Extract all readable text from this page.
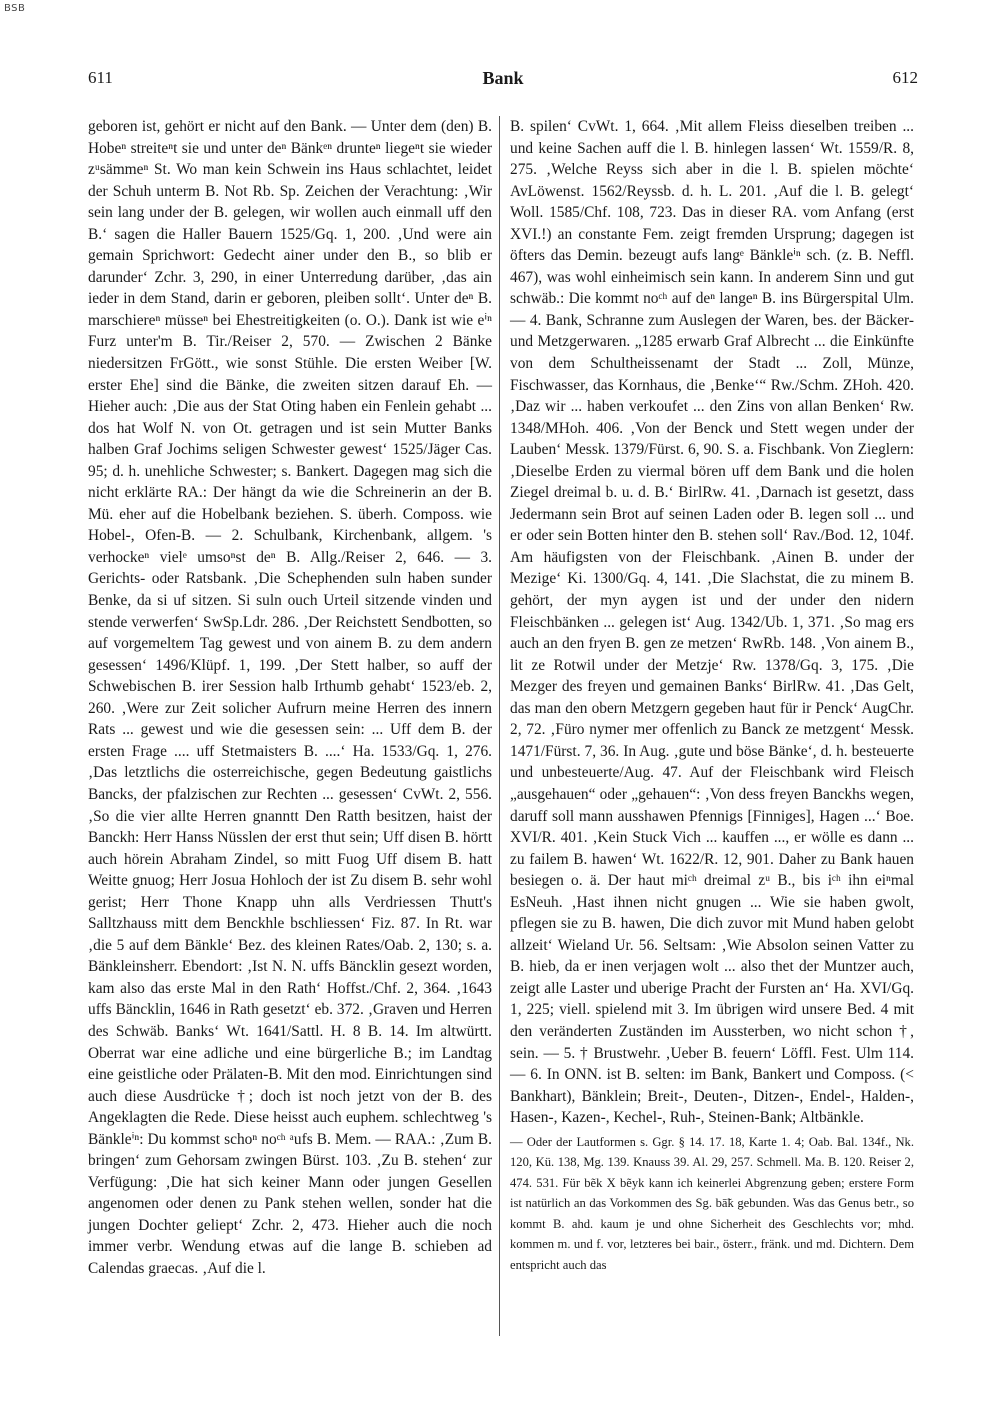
BSB
611	Bank	612

geboren ist, gehört er nicht auf den Bank. — Unter dem (den) B. Hobeⁿ streiteⁿt sie und unter deⁿ Bänkᵉⁿ drunteⁿ liegeⁿt sie wieder zᵘsämmeⁿ St. Wo man kein Schwein ins Haus schlachtet, leidet der Schuh unterm B. Not Rb. Sp. Zeichen der Verachtung: ‚Wir sein lang under der B. gelegen, wir wollen auch einmall uff den B.‘ sagen die Haller Bauern 1525/Gq. 1, 200. ‚Und were ain gemain Sprichwort: Gedecht ainer under den B., so blib er darunder‘ Zchr. 3, 290, in einer Unterredung darüber, ‚das ain ieder in dem Stand, darin er geboren, pleiben sollt‘. Unter deⁿ B. marschiereⁿ müsseⁿ bei Ehestreitigkeiten (o. O.). Dank ist wie eⁱⁿ Furz unter'm B. Tir./Reiser 2, 570. — Zwischen 2 Bänke niedersitzen FrGött., wie sonst Stühle. Die ersten Weiber [W. erster Ehe] sind die Bänke, die zweiten sitzen darauf Eh. — Hieher auch: ‚Die aus der Stat Oting haben ein Fenlein gehabt ... dos hat Wolf N. von Ot. getragen und ist sein Mutter Banks halben Graf Jochims seligen Schwester gewest‘ 1525/Jäger Cas. 95; d. h. unehliche Schwester; s. Bankert. Dagegen mag sich die nicht erklärte RA.: Der hängt da wie die Schreinerin an der B. Mü. eher auf die Hobelbank beziehen. S. überh. Composs. wie Hobel-, Ofen-B. — 2. Schulbank, Kirchenbank, allgem. 's verhockeⁿ vielᵉ umsoⁿst deⁿ B. Allg./Reiser 2, 646. — 3. Gerichts- oder Ratsbank. ‚Die Schephenden suln haben sunder Benke, da si uf sitzen. Si suln ouch Urteil sitzende vinden und stende verwerfen‘ SwSp.Ldr. 286. ‚Der Reichstett Sendbotten, so auf vorgemeltem Tag gewest und von ainem B. zu dem andern gesessen‘ 1496/Klüpf. 1, 199. ‚Der Stett halber, so auff der Schwebischen B. irer Session halb Irthumb gehabt‘ 1523/eb. 2, 260. ‚Were zur Zeit solicher Aufrurn meine Herren des innern Rats ... gewest und wie die gesessen sein: ... Uff dem B. der ersten Frage .... uff Stetmaisters B. ....‘ Ha. 1533/Gq. 1, 276. ‚Das letztlichs die osterreichische, gegen Bedeutung gaistlichs Bancks, der pfalzischen zur Rechten ... gesessen‘ CvWt. 2, 556. ‚So die vier allte Herren gnanntt Den Ratth besitzen, haist der Banckh: Herr Hanss Nüsslen der erst thut sein; Uff disen B. hörtt auch hörein Abraham Zindel, so mitt Fuog Uff disem B. hatt Weitte gnuog; Herr Josua Hohloch der ist Zu disem B. sehr wohl gerist; Herr Thone Knapp uhn alls Verdriessen Thutt's Salltzhauss mitt dem Benckhle bschliessen‘ Fiz. 87. In Rt. war ‚die 5 auf dem Bänkle‘ Bez. des kleinen Rates/Oab. 2, 130; s. a. Bänkleinsherr. Ebendort: ‚Ist N. N. uffs Bäncklin gesezt worden, kam also das erste Mal in den Rath‘ Hoffst./Chf. 2, 364. ‚1643 uffs Bäncklin, 1646 in Rath gesetzt‘ eb. 372. ‚Graven und Herren des Schwäb. Banks‘ Wt. 1641/Sattl. H. 8 B. 14. Im altwürtt. Oberrat war eine adliche und eine bürgerliche B.; im Landtag eine geistliche oder Prälaten-B. Mit den mod. Einrichtungen sind auch diese Ausdrücke †; doch ist noch jetzt von der B. des Angeklagten die Rede. Diese heisst auch euphem. schlechtweg 's Bänkleⁱⁿ: Du kommst schoⁿ noᶜʰ ᵃufs B. Mem. — RAA.: ‚Zum B. bringen‘ zum Gehorsam zwingen Bürst. 103. ‚Zu B. stehen‘ zur Verfügung: ‚Die hat sich keiner Mann oder jungen Gesellen angenomen oder denen zu Pank stehen wellen, sonder hat die jungen Dochter geliept‘ Zchr. 2, 473. Hieher auch die noch immer verbr. Wendung etwas auf die lange B. schieben ad Calendas graecas. ‚Auf die l.

B. spilen‘ CvWt. 1, 664. ‚Mit allem Fleiss dieselben treiben ... und keine Sachen auff die l. B. hinlegen lassen‘ Wt. 1559/R. 8, 275. ‚Welche Reyss sich aber in die l. B. spielen möchte‘ AvLöwenst. 1562/Reyssb. d. h. L. 201. ‚Auf die l. B. gelegt‘ Woll. 1585/Chf. 108, 723. Das in dieser RA. vom Anfang (erst XVI.!) an constante Fem. zeigt fremden Ursprung; dagegen ist öfters das Demin. bezeugt aufs langᵉ Bänkleⁱⁿ sch. (z. B. Neffl. 467), was wohl einheimisch sein kann. In anderem Sinn und gut schwäb.: Die kommt noᶜʰ auf deⁿ langeⁿ B. ins Bürgerspital Ulm. — 4. Bank, Schranne zum Auslegen der Waren, bes. der Bäcker- und Metzgerwaren. „1285 erwarb Graf Albrecht ... die Einkünfte von dem Schultheissenamt der Stadt ... Zoll, Münze, Fischwasser, das Kornhaus, die ‚Benke‘“ Rw./Schm. ZHoh. 420. ‚Daz wir ... haben verkoufet ... den Zins von allan Benken‘ Rw. 1348/MHoh. 406. ‚Von der Benck und Stett wegen under der Lauben‘ Messk. 1379/Fürst. 6, 90. S. a. Fischbank. Von Zieglern: ‚Dieselbe Erden zu viermal bören uff dem Bank und die holen Ziegel dreimal b. u. d. B.‘ BirlRw. 41. ‚Darnach ist gesetzt, dass Jedermann sein Brot auf seinen Laden oder B. legen soll ... und er oder sein Botten hinter den B. stehen soll‘ Rav./Bod. 12, 104f. Am häufigsten von der Fleischbank. ‚Ainen B. under der Mezige‘ Ki. 1300/Gq. 4, 141. ‚Die Slachstat, die zu minem B. gehört, der myn aygen ist und der under den nidern Fleischbänken ... gelegen ist‘ Aug. 1342/Ub. 1, 371. ‚So mag ers auch an den fryen B. gen ze metzen‘ RwRb. 148. ‚Von ainem B., lit ze Rotwil under der Metzje‘ Rw. 1378/Gq. 3, 175. ‚Die Mezger des freyen und gemainen Banks‘ BirlRw. 41. ‚Das Gelt, das man den obern Metzgern gegeben haut für ir Penck‘ AugChr. 2, 72. ‚Füro nymer mer offenlich zu Banck ze metzgent‘ Messk. 1471/Fürst. 7, 36. In Aug. ‚gute und böse Bänke‘, d. h. besteuerte und unbesteuerte/Aug. 47. Auf der Fleischbank wird Fleisch „ausgehauen“ oder „gehauen“: ‚Von dess freyen Banckhs wegen, daruff soll mann ausshawen Pfennigs [Finniges], Hagen ...‘ Boe. XVI/R. 401. ‚Kein Stuck Vich ... kauffen ..., er wölle es dann ... zu failem B. hawen‘ Wt. 1622/R. 12, 901. Daher zu Bank hauen besiegen o. ä. Der haut miᶜʰ dreimal zᵘ B., bis iᶜʰ ihn eiⁿmal EsNeuh. ‚Hast ihnen nicht gnugen ... Wie sie haben gwolt, pflegen sie zu B. hawen, Die dich zuvor mit Mund haben gelobt allzeit‘ Wieland Ur. 56. Seltsam: ‚Wie Absolon seinen Vatter zu B. hieb, da er inen verjagen wolt ... also thet der Muntzer auch, zeigt alle Laster und uberige Pracht der Fursten an‘ Ha. XVI/Gq. 1, 225; viell. spielend mit 3. Im übrigen wird unsere Bed. 4 mit den veränderten Zuständen im Aussterben, wo nicht schon †, sein. — 5. † Brustwehr. ‚Ueber B. feuern‘ Löffl. Fest. Ulm 114. — 6. In ONN. ist B. selten: im Bank, Bankert und Composs. (< Bankhart), Bänklein; Breit-, Deuten-, Ditzen-, Endel-, Halden-, Hasen-, Kazen-, Kechel-, Ruh-, Steinen-Bank; Altbänkle.

— Oder der Lautformen s. Ggr. § 14. 17. 18, Karte 1. 4; Oab. Bal. 134f., Nk. 120, Kü. 138, Mg. 139. Knauss 39. Al. 29, 257. Schmell. Ma. B. 120. Reiser 2, 474. 531. Für bẽk X bẽyk kann ich keinerlei Abgrenzung geben; erstere Form ist natürlich an das Vorkommen des Sg. bā̃k gebunden. Was das Genus betr., so kommt B. ahd. kaum je und ohne Sicherheit des Geschlechts vor; mhd. kommen m. und f. vor, letzteres bei bair., österr., fränk. und md. Dichtern. Dem entspricht auch das
